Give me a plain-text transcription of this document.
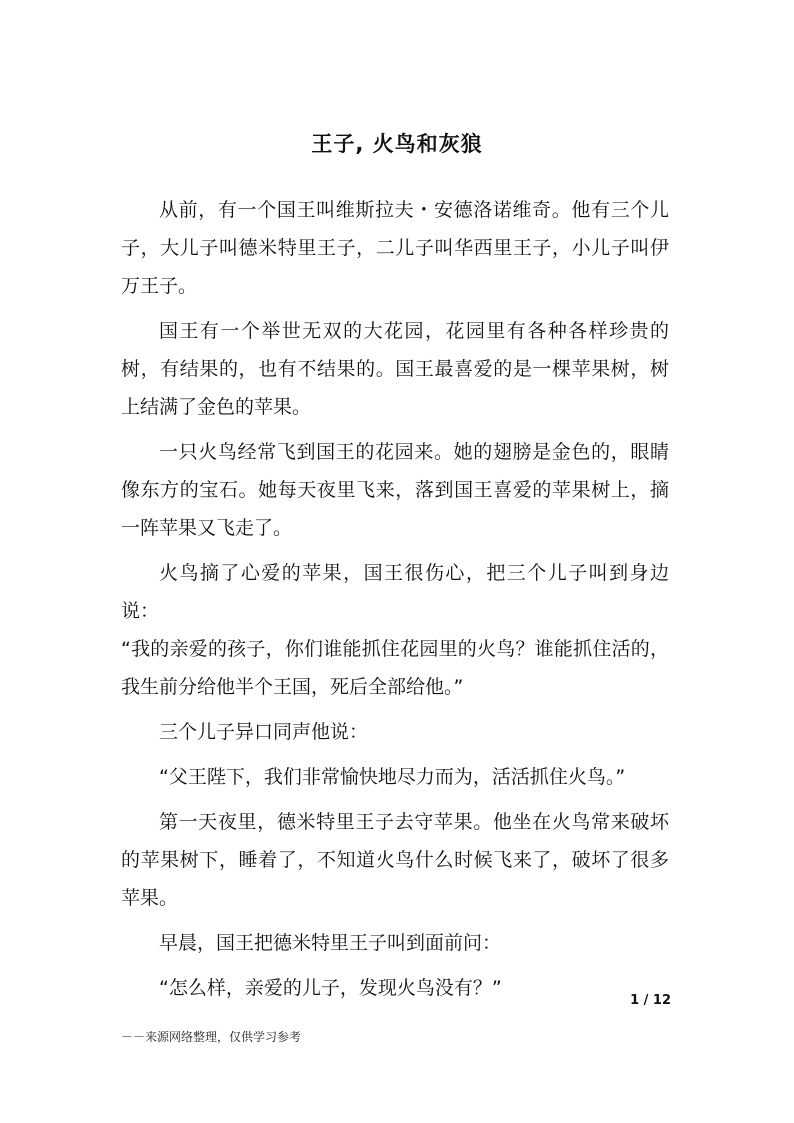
王子, 火鸟和灰狼

从前，有一个国王叫维斯拉夫・安德洛诺维奇。他有三个儿子，大儿子叫德米特里王子，二儿子叫华西里王子，小儿子叫伊万王子。

国王有一个举世无双的大花园，花园里有各种各样珍贵的树，有结果的，也有不结果的。国王最喜爱的是一棵苹果树，树上结满了金色的苹果。

一只火鸟经常飞到国王的花园来。她的翅膀是金色的，眼睛像东方的宝石。她每天夜里飞来，落到国王喜爱的苹果树上，摘一阵苹果又飞走了。

火鸟摘了心爱的苹果，国王很伤心，把三个儿子叫到身边说：

“我的亲爱的孩子，你们谁能抓住花园里的火鸟？谁能抓住活的，我生前分给他半个王国，死后全部给他。”

三个儿子异口同声他说：

“父王陛下，我们非常愉快地尽力而为，活活抓住火鸟。”

第一天夜里，德米特里王子去守苹果。他坐在火鸟常来破坏的苹果树下，睡着了，不知道火鸟什么时候飞来了，破坏了很多苹果。

早晨，国王把德米特里王子叫到面前问：

“怎么样，亲爱的儿子，发现火鸟没有？”

1 / 12
－－来源网络整理，仅供学习参考
